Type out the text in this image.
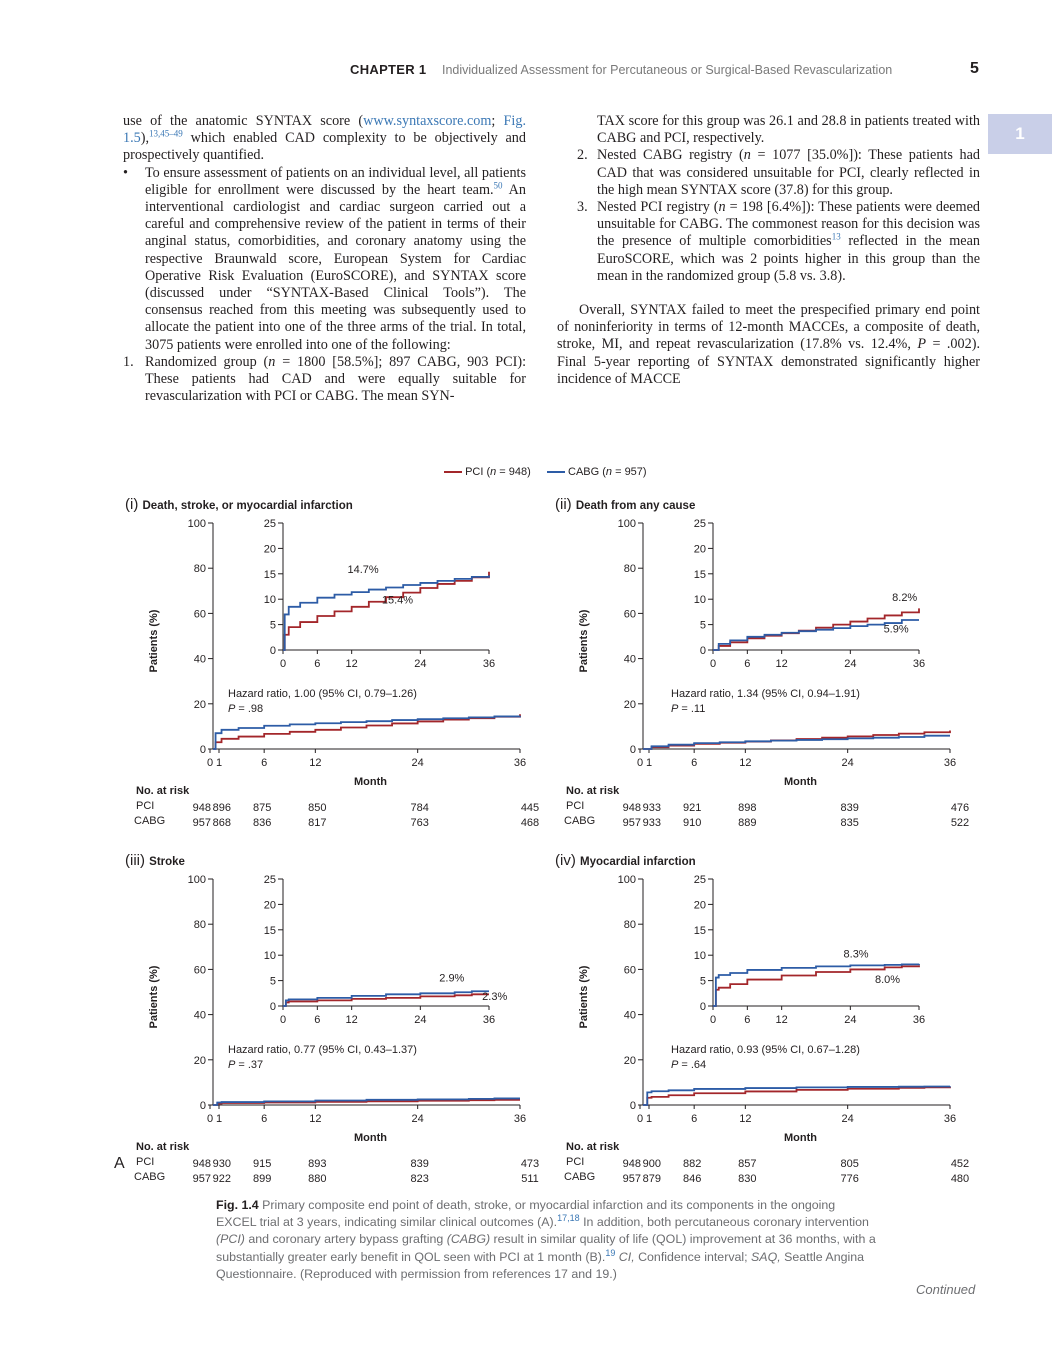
CHAPTER 1 Individualized Assessment for Percutaneous or Surgical-Based Revascularization	5
1

use of the anatomic SYNTAX score (www.syntaxscore.com; Fig. 1.5),$^{13,45-49}$ which enabled CAD complexity to be objectively and prospectively quantified.

• To ensure assessment of patients on an individual level, all patients eligible for enrollment were discussed by the heart team.$^{50}$ An interventional cardiologist and cardiac surgeon carried out a careful and comprehensive review of the patient in terms of their anginal status, comorbidities, and coronary anatomy using the respective Braunwald score, European System for Cardiac Operative Risk Evaluation (EuroSCORE), and SYNTAX score (discussed under “SYNTAX-Based Clinical Tools”). The consensus reached from this meeting was subsequently used to allocate the patient into one of the three arms of the trial. In total, 3075 patients were enrolled into one of the following:

1. Randomized group (n = 1800 [58.5%]; 897 CABG, 903 PCI): These patients had CAD and were equally suitable for revascularization with PCI or CABG. The mean SYN-

TAX score for this group was 26.1 and 28.8 in patients treated with CABG and PCI, respectively.

2. Nested CABG registry (n = 1077 [35.0%]): These patients had CAD that was considered unsuitable for PCI, clearly reflected in the high mean SYNTAX score (37.8) for this group.

3. Nested PCI registry (n = 198 [6.4%]): These patients were deemed unsuitable for CABG. The commonest reason for this decision was the presence of multiple comorbidities$^{13}$ reflected in the mean EuroSCORE, which was 2 points higher in this group than the mean in the randomized group (5.8 vs. 3.8).

Overall, SYNTAX failed to meet the prespecified primary end point of noninferiority in terms of 12-month MACCEs, a composite of death, stroke, MI, and repeat revascularization (17.8% vs. 12.4%, P = .002). Final 5-year reporting of SYNTAX demonstrated significantly higher incidence of MACCE

PCI (n = 948)	CABG (n = 957)
(i) Death, stroke, or myocardial infarction
0
20
40
60
80
100
0 1	6	12	24	36
Patients (%)
Month
0
5
10
15
20
25
0	6 12	24	36
14.7%
15.4%
Hazard ratio, 1.00 (95% CI, 0.79–1.26)
P = .98
No. at risk
PCI
CABG
948 896 875	850	784	445
957 868 836	817	763	468
(ii) Death from any cause
0
20
40
60
80
100
0 1	6	12	24	36
Patients (%)
Month
0
5
10
15
20
25
0	6 12	24	36
8.2%
5.9%
Hazard ratio, 1.34 (95% CI, 0.94–1.91)
P = .11
No. at risk
PCI
CABG
948 933 921	898	839	476
957 933 910	889	835	522
(iii) Stroke
0
20
40
60
80
100
0 1	6	12	24	36
Patients (%)
Month
0
5
10
15
20
25
0	6 12	24	36
2.9%
2.3%
Hazard ratio, 0.77 (95% CI, 0.43–1.37)
P = .37
No. at risk
PCI
CABG
948 930 915	893	839	473
957 922 899	880	823	511
(iv) Myocardial infarction
0
20
40
60
80
100
0 1	6	12	24	36
Patients (%)
Month
0
5
10
15
20
25
0	6 12	24	36
8.3%
8.0%
Hazard ratio, 0.93 (95% CI, 0.67–1.28)
P = .64
No. at risk
PCI
CABG
948 900 882	857	805	452
957 879 846	830	776	480
A
Fig. 1.4 Primary composite end point of death, stroke, or myocardial infarction and its components in the ongoing EXCEL trial at 3 years, indicating similar clinical outcomes (A).$^{17,18}$ In addition, both percutaneous coronary intervention (PCI) and coronary artery bypass grafting (CABG) result in similar quality of life (QOL) improvement at 36 months, with a substantially greater early benefit in QOL seen with PCI at 1 month (B).$^{19}$ CI, Confidence interval; SAQ, Seattle Angina Questionnaire. (Reproduced with permission from references 17 and 19.)
Continued
